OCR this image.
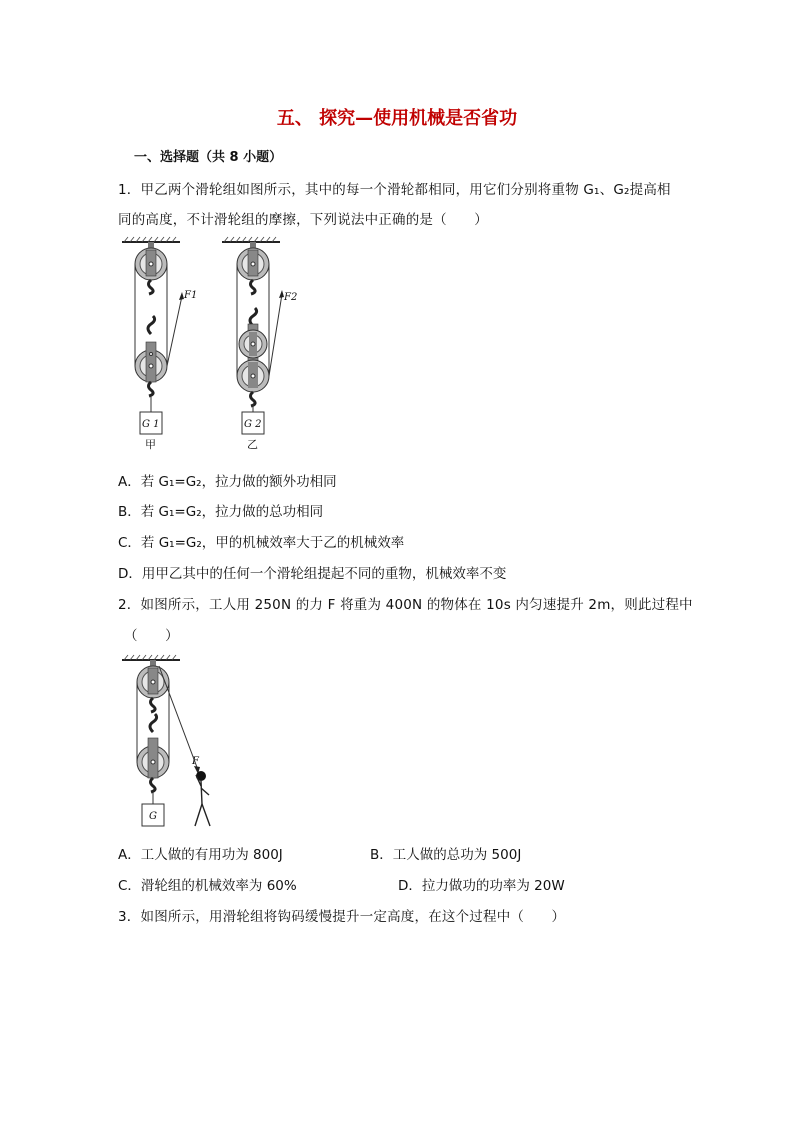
五、 探究—使用机械是否省功
一、选择题（共 8 小题）
1．甲乙两个滑轮组如图所示，其中的每一个滑轮都相同，用它们分别将重物 G₁、G₂提高相
同的高度，不计滑轮组的摩擦，下列说法中正确的是（　　）
F1	F2
G 1	G 2
甲	乙
A．若 G₁=G₂，拉力做的额外功相同
B．若 G₁=G₂，拉力做的总功相同
C．若 G₁=G₂，甲的机械效率大于乙的机械效率
D．用甲乙其中的任何一个滑轮组提起不同的重物，机械效率不变
2．如图所示，工人用 250N 的力 F 将重为 400N 的物体在 10s 内匀速提升 2m，则此过程中
（　　）
F
G
A．工人做的有用功为 800J	B．工人做的总功为 500J
C．滑轮组的机械效率为 60%	D．拉力做功的功率为 20W
3．如图所示，用滑轮组将钩码缓慢提升一定高度，在这个过程中（　　）
